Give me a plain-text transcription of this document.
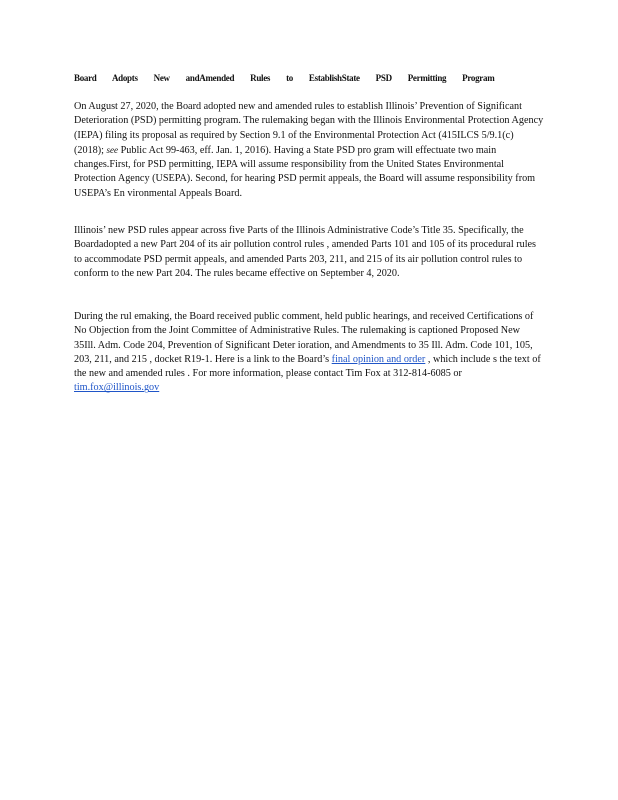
Board Adopts New andAmended Rules to EstablishState PSD Permitting Program

On August 27, 2020, the Board adopted new and amended rules to establish Illinois’ Prevention of Significant Deterioration (PSD) permitting program. The rulemaking began with the Illinois Environmental Protection Agency (IEPA) filing its proposal as required by Section 9.1 of the Environmental Protection Act (415ILCS 5/9.1(c) (2018); see Public Act 99-463, eff. Jan. 1, 2016). Having a State PSD pro gram will effectuate two main changes.First, for PSD permitting, IEPA will assume responsibility from the United States Environmental Protection Agency (USEPA). Second, for hearing PSD permit appeals, the Board will assume responsibility from USEPA’s En vironmental Appeals Board.

Illinois’ new PSD rules appear across five Parts of the Illinois Administrative Code’s Title 35. Specifically, the Boardadopted a new Part 204 of its air pollution control rules , amended Parts 101 and 105 of its procedural rules to accommodate PSD permit appeals, and amended Parts 203, 211, and 215 of its air pollution control rules to conform to the new Part 204. The rules became effective on September 4, 2020.

During the rul emaking, the Board received public comment, held public hearings, and received Certifications of No Objection from the Joint Committee of Administrative Rules. The rulemaking is captioned Proposed New 35Ill. Adm. Code 204, Prevention of Significant Deter ioration, and Amendments to 35 Ill. Adm. Code 101, 105, 203, 211, and 215 , docket R19-1. Here is a link to the Board’s final opinion and order , which include s the text of the new and amended rules . For more information, please contact Tim Fox at 312-814-6085 or tim.fox@illinois.gov
